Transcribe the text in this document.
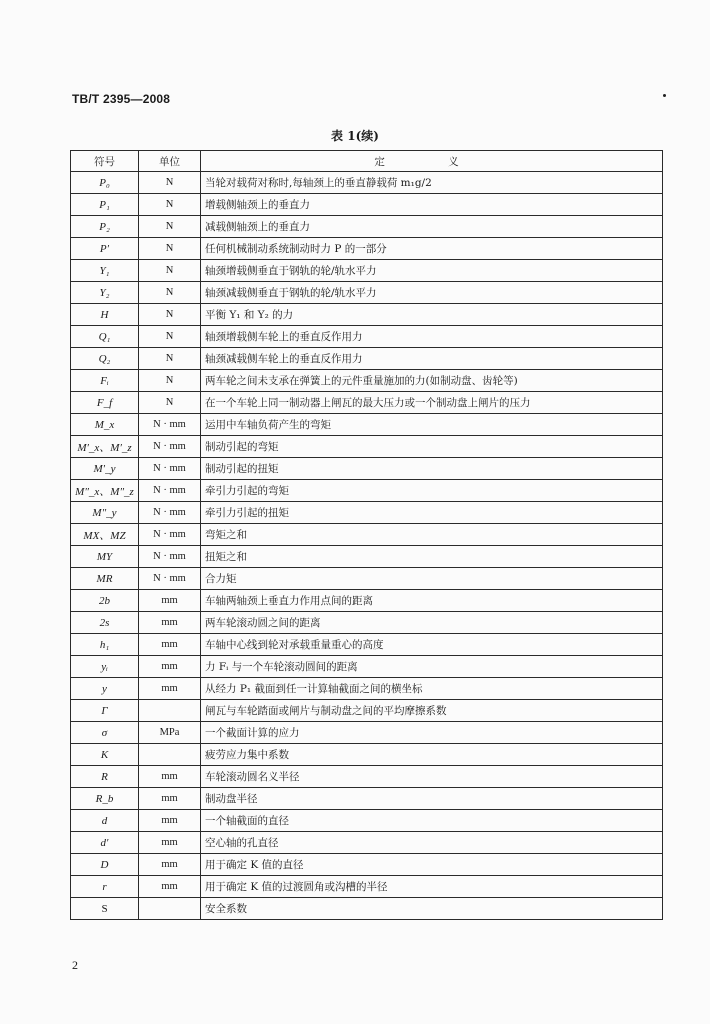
TB/T 2395—2008
表 1(续)
符号	单位	定 义
P₀	N	当轮对载荷对称时,每轴颈上的垂直静载荷 m₁g/2
P₁	N	增载侧轴颈上的垂直力
P₂	N	减载侧轴颈上的垂直力
P′	N	任何机械制动系统制动时力 P 的一部分
Y₁	N	轴颈增载侧垂直于钢轨的轮/轨水平力
Y₂	N	轴颈减载侧垂直于钢轨的轮/轨水平力
H	N	平衡 Y₁ 和 Y₂ 的力
Q₁	N	轴颈增载侧车轮上的垂直反作用力
Q₂	N	轴颈减载侧车轮上的垂直反作用力
Fᵢ	N	两车轮之间未支承在弹簧上的元件重量施加的力(如制动盘、齿轮等)
F_f	N	在一个车轮上同一制动器上闸瓦的最大压力或一个制动盘上闸片的压力
M_x	N · mm	运用中车轴负荷产生的弯矩
M′_x、M′_z	N · mm	制动引起的弯矩
M′_y	N · mm	制动引起的扭矩
M″_x、M″_z	N · mm	牵引力引起的弯矩
M″_y	N · mm	牵引力引起的扭矩
MX、MZ	N · mm	弯矩之和
MY	N · mm	扭矩之和
MR	N · mm	合力矩
2b	mm	车轴两轴颈上垂直力作用点间的距离
2s	mm	两车轮滚动圆之间的距离
h₁	mm	车轴中心线到轮对承载重量重心的高度
yᵢ	mm	力 Fᵢ 与一个车轮滚动圆间的距离
y	mm	从经力 P₁ 截面到任一计算轴截面之间的横坐标
Γ		闸瓦与车轮踏面或闸片与制动盘之间的平均摩擦系数
σ	MPa	一个截面计算的应力
K		疲劳应力集中系数
R	mm	车轮滚动圆名义半径
R_b	mm	制动盘半径
d	mm	一个轴截面的直径
d′	mm	空心轴的孔直径
D	mm	用于确定 K 值的直径
r	mm	用于确定 K 值的过渡圆角或沟槽的半径
S		安全系数
2
